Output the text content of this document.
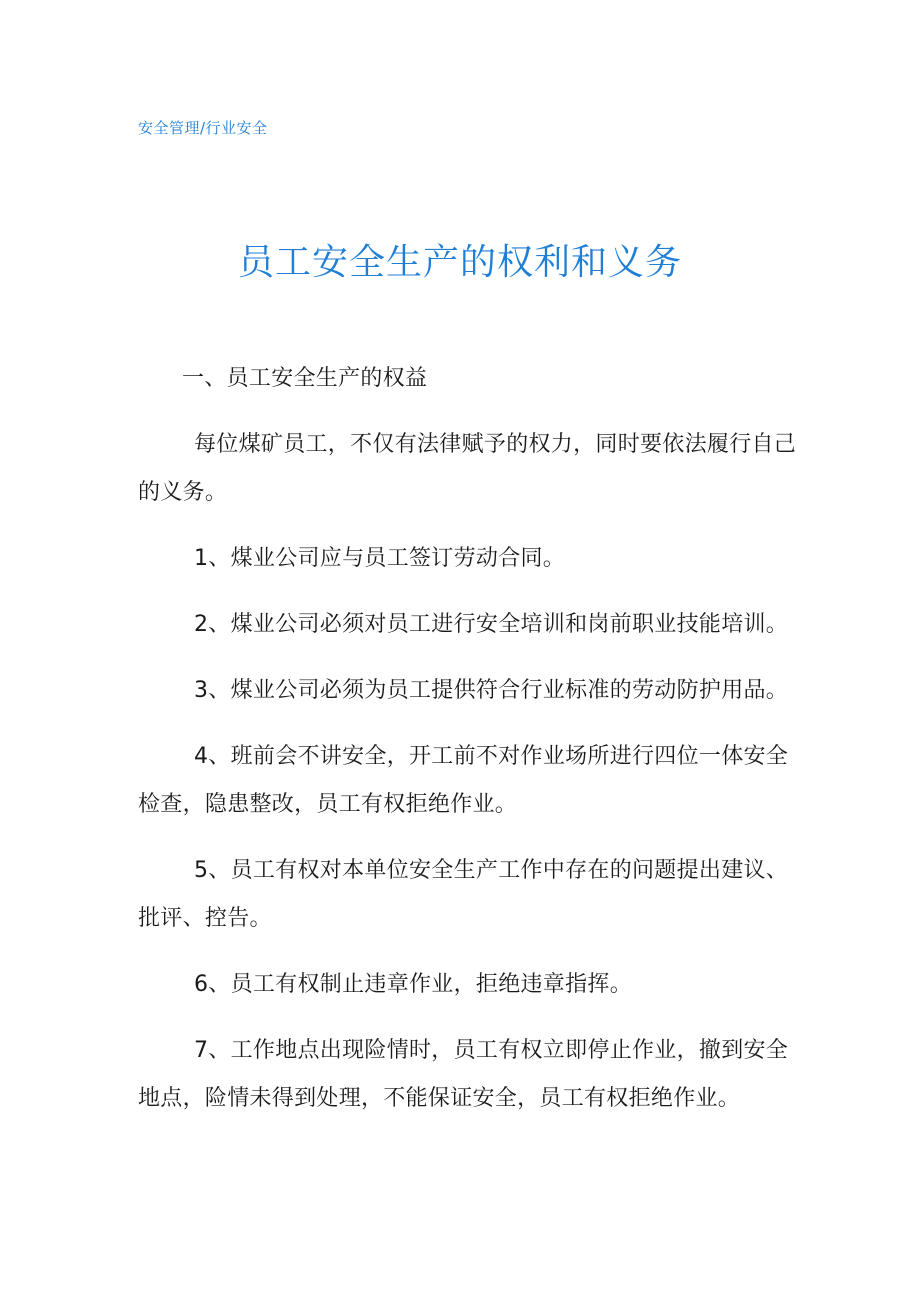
安全管理/行业安全
员工安全生产的权利和义务

一、员工安全生产的权益

每位煤矿员工，不仅有法律赋予的权力，同时要依法履行自己的义务。

1、煤业公司应与员工签订劳动合同。

2、煤业公司必须对员工进行安全培训和岗前职业技能培训。

3、煤业公司必须为员工提供符合行业标准的劳动防护用品。

4、班前会不讲安全，开工前不对作业场所进行四位一体安全检查，隐患整改，员工有权拒绝作业。

5、员工有权对本单位安全生产工作中存在的问题提出建议、批评、控告。

6、员工有权制止违章作业，拒绝违章指挥。

7、工作地点出现险情时，员工有权立即停止作业，撤到安全地点，险情未得到处理，不能保证安全，员工有权拒绝作业。
